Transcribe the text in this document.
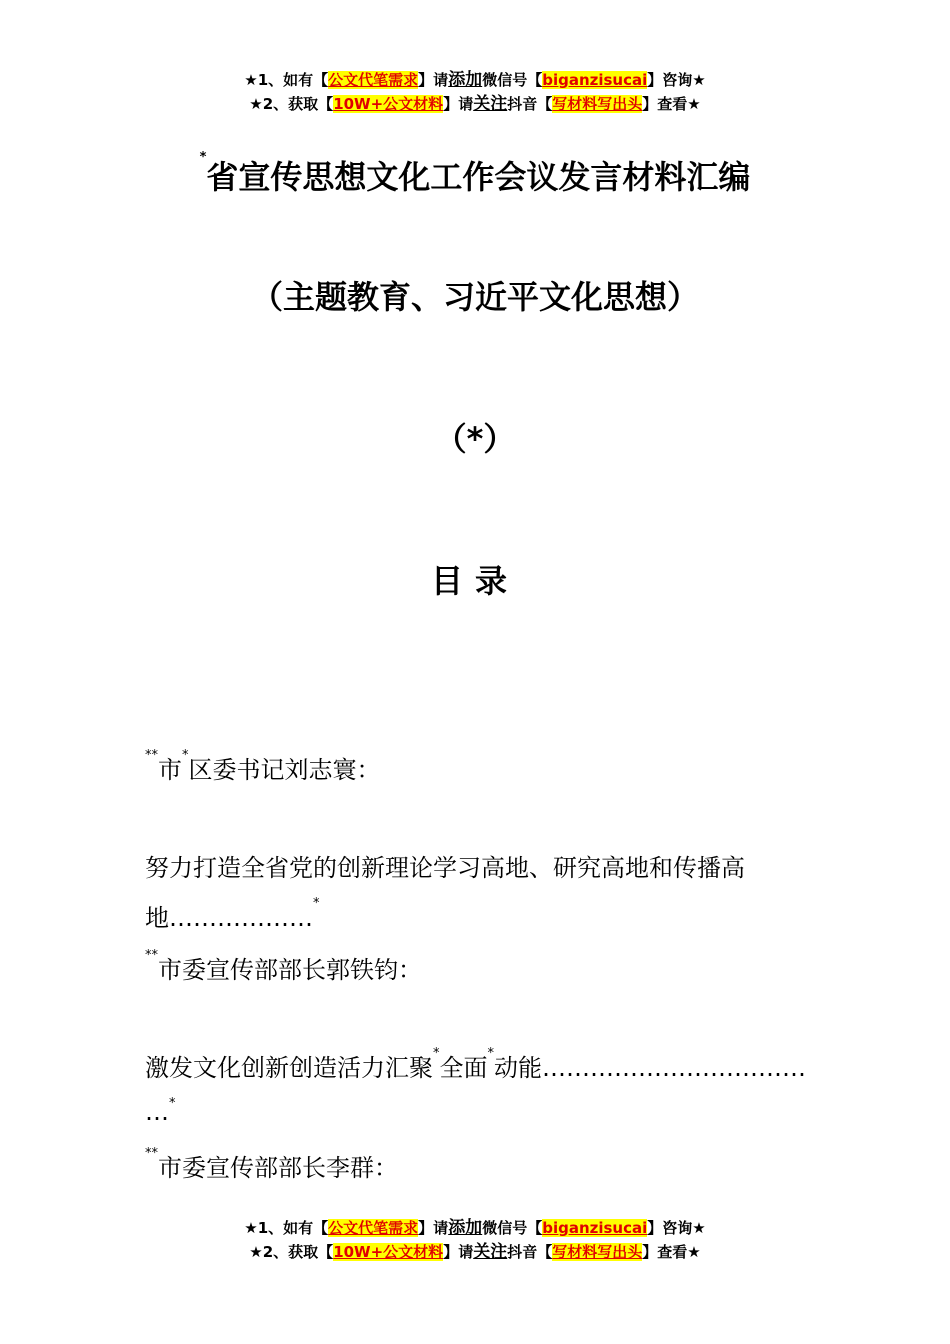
★1、如有【公文代笔需求】请添加微信号【biganzisucai】咨询★
★2、获取【10W+公文材料】请关注抖音【写材料写出头】查看★
*省宣传思想文化工作会议发言材料汇编
（主题教育、习近平文化思想）
（*）
目录
**市*区委书记刘志寰：
努力打造全省党的创新理论学习高地、研究高地和传播高
地………………*
**市委宣传部部长郭铁钧：
激发文化创新创造活力汇聚*全面*动能……………………………
…*
**市委宣传部部长李群：
★1、如有【公文代笔需求】请添加微信号【biganzisucai】咨询★
★2、获取【10W+公文材料】请关注抖音【写材料写出头】查看★
